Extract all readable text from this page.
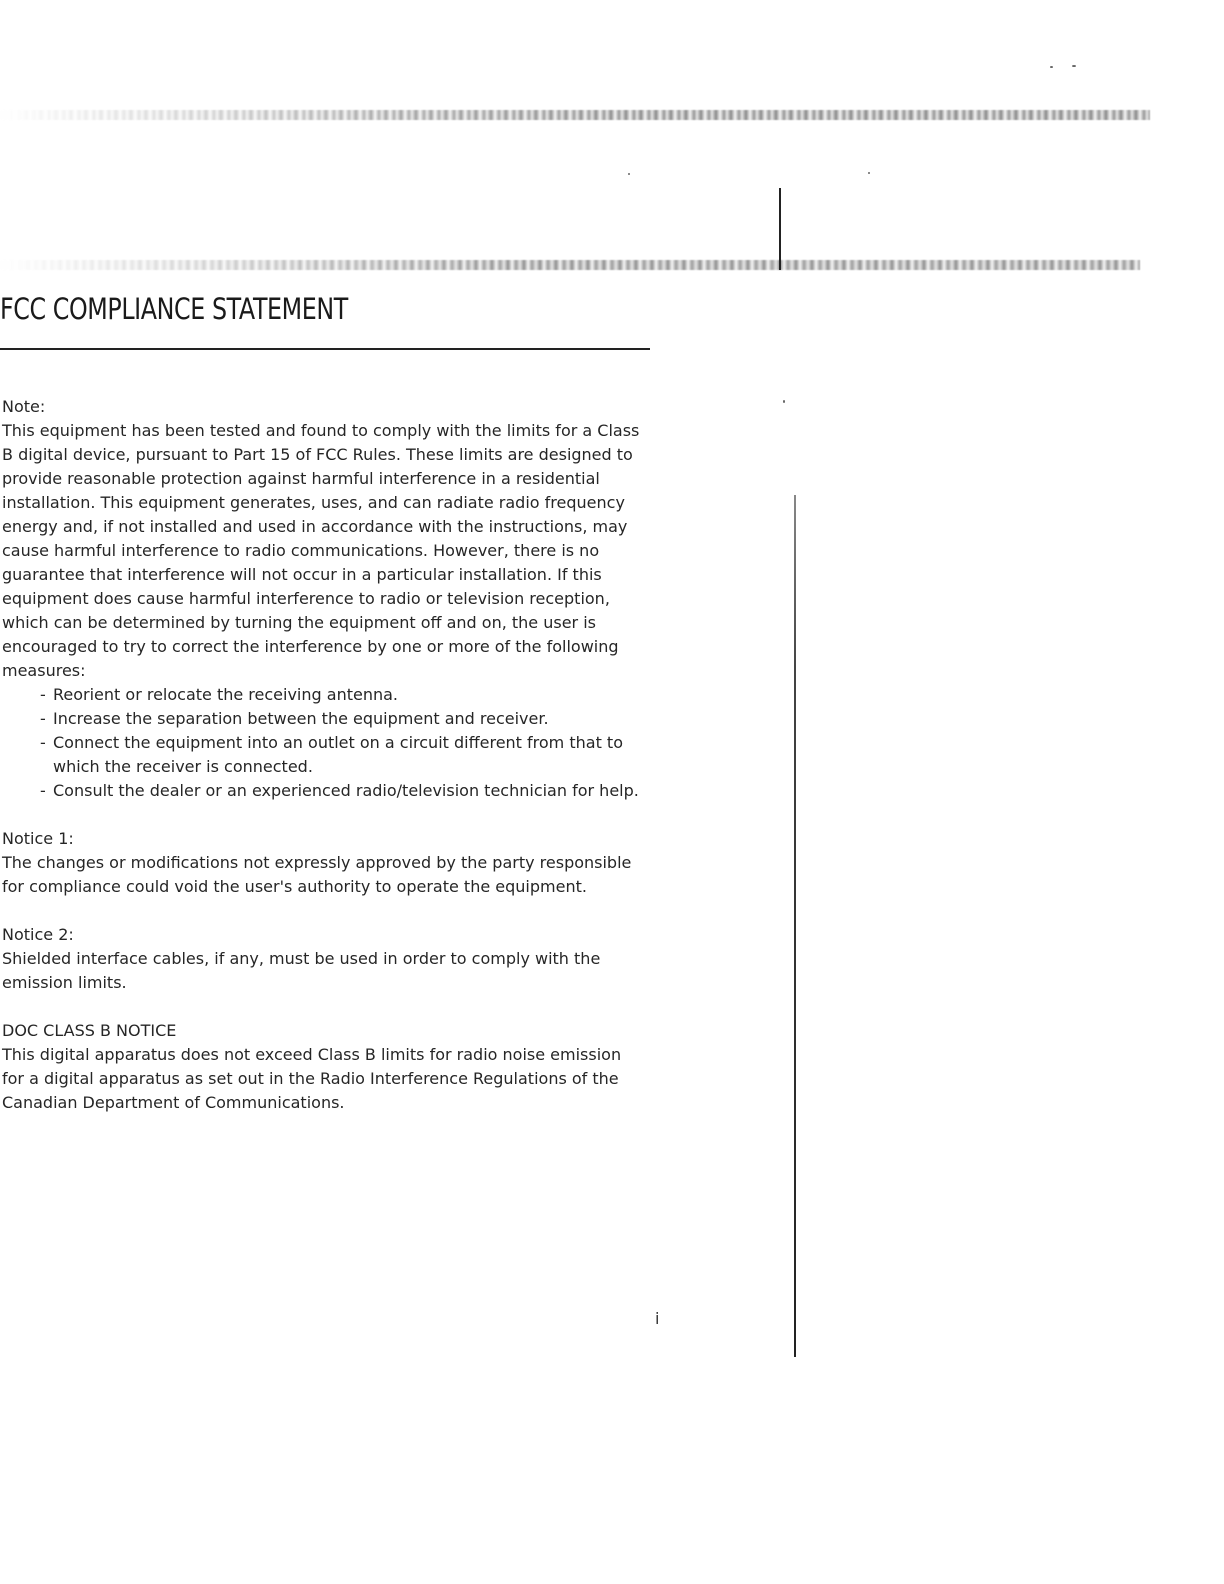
FCC COMPLIANCE STATEMENT
Note:

This equipment has been tested and found to comply with the limits for a Class B digital device, pursuant to Part 15 of FCC Rules. These limits are designed to provide reasonable protection against harmful interference in a residential installation. This equipment generates, uses, and can radiate radio frequency energy and, if not installed and used in accordance with the instructions, may cause harmful interference to radio communications. However, there is no guarantee that interference will not occur in a particular installation. If this equipment does cause harmful interference to radio or television reception, which can be determined by turning the equipment off and on, the user is encouraged to try to correct the interference by one or more of the following measures:

- Reorient or relocate the receiving antenna.
- Increase the separation between the equipment and receiver.
- Connect the equipment into an outlet on a circuit different from that to which the receiver is connected.
- Consult the dealer or an experienced radio/television technician for help.
Notice 1:

The changes or modifications not expressly approved by the party responsible for compliance could void the user's authority to operate the equipment.

Notice 2:

Shielded interface cables, if any, must be used in order to comply with the emission limits.

DOC CLASS B NOTICE

This digital apparatus does not exceed Class B limits for radio noise emission for a digital apparatus as set out in the Radio Interference Regulations of the Canadian Department of Communications.

i
